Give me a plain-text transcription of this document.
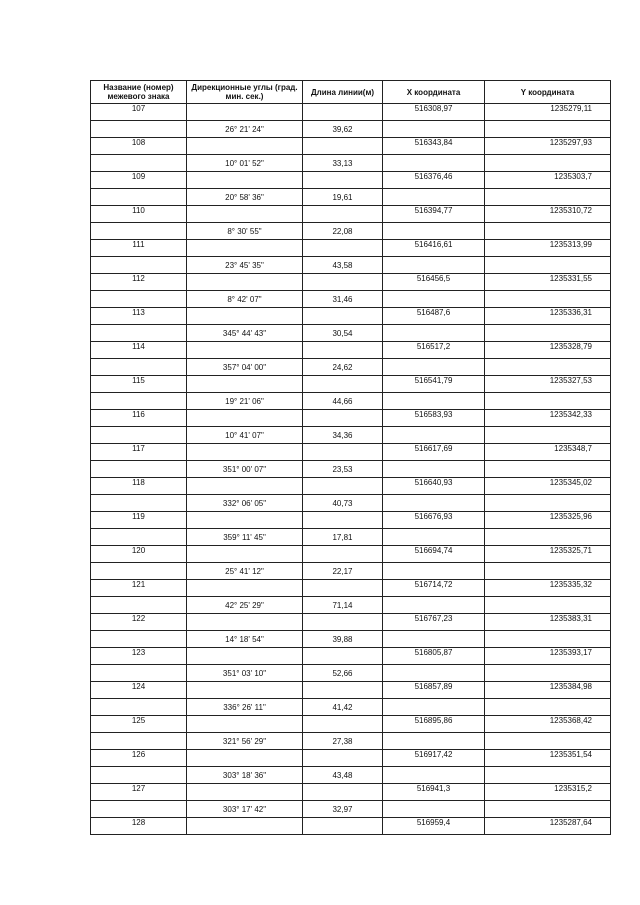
Название (номер) межевого знака	Дирекционные углы (град. мин. сек.)	Длина линии(м)	X координата	Y координата
107			516308,97	1235279,11
	26° 21' 24"	39,62		
108			516343,84	1235297,93
	10° 01' 52"	33,13		
109			516376,46	1235303,7
	20° 58' 36"	19,61		
110			516394,77	1235310,72
	8° 30' 55"	22,08		
111			516416,61	1235313,99
	23° 45' 35"	43,58		
112			516456,5	1235331,55
	8° 42' 07"	31,46		
113			516487,6	1235336,31
	345° 44' 43"	30,54		
114			516517,2	1235328,79
	357° 04' 00"	24,62		
115			516541,79	1235327,53
	19° 21' 06"	44,66		
116			516583,93	1235342,33
	10° 41' 07"	34,36		
117			516617,69	1235348,7
	351° 00' 07"	23,53		
118			516640,93	1235345,02
	332° 06' 05"	40,73		
119			516676,93	1235325,96
	359° 11' 45"	17,81		
120			516694,74	1235325,71
	25° 41' 12"	22,17		
121			516714,72	1235335,32
	42° 25' 29"	71,14		
122			516767,23	1235383,31
	14° 18' 54"	39,88		
123			516805,87	1235393,17
	351° 03' 10"	52,66		
124			516857,89	1235384,98
	336° 26' 11"	41,42		
125			516895,86	1235368,42
	321° 56' 29"	27,38		
126			516917,42	1235351,54
	303° 18' 36"	43,48		
127			516941,3	1235315,2
	303° 17' 42"	32,97		
128			516959,4	1235287,64
